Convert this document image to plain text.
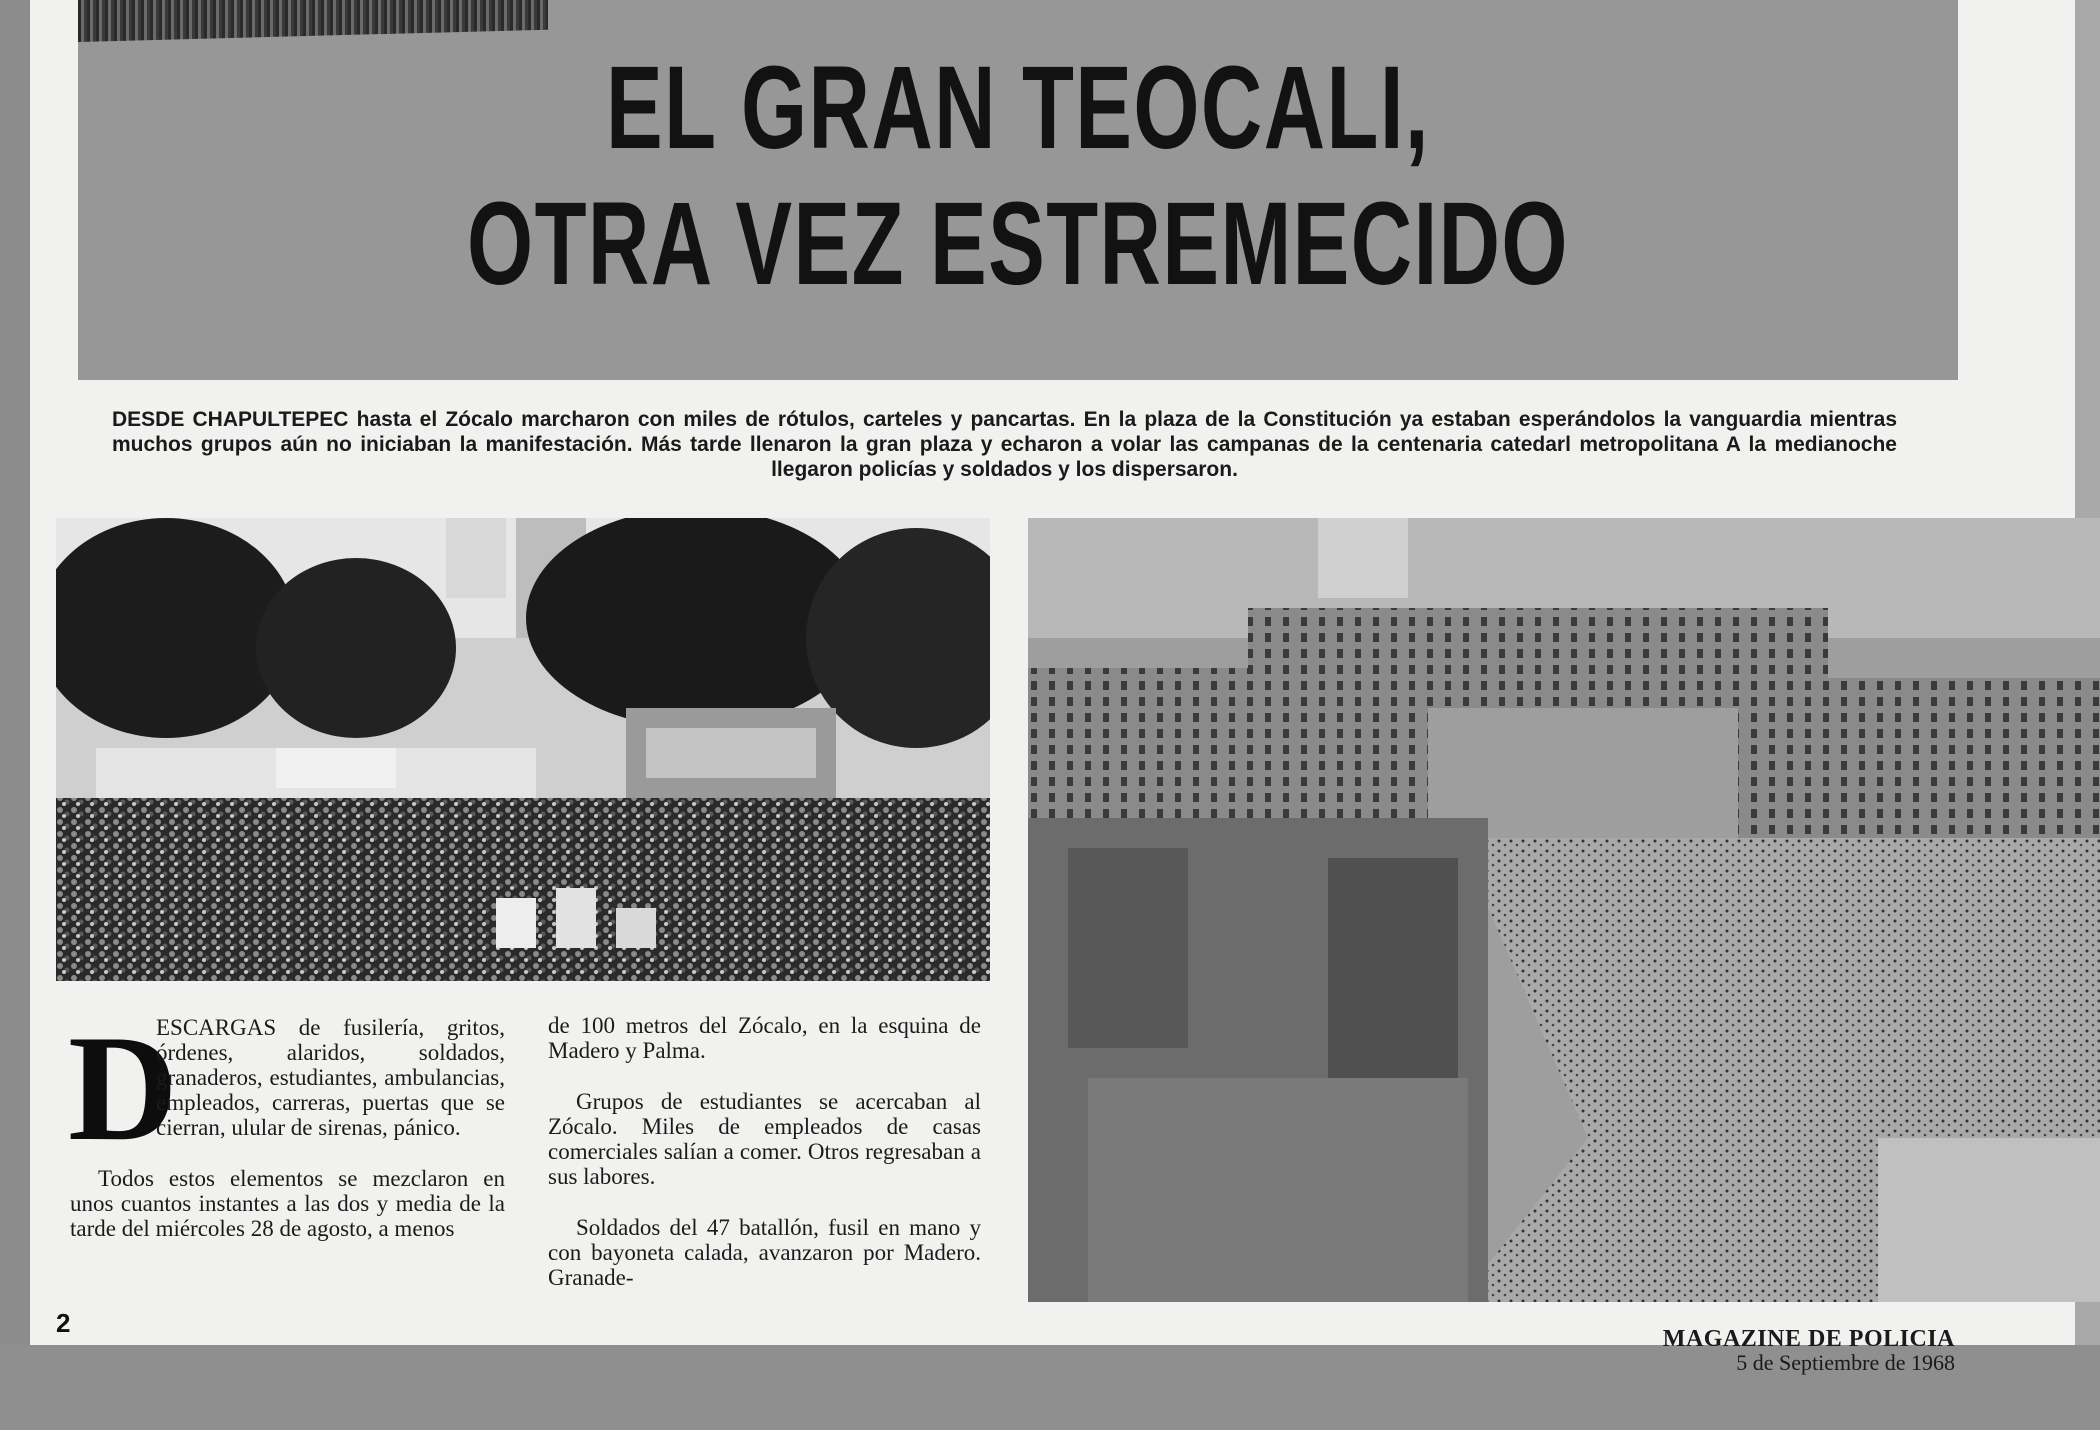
EL GRAN TEOCALI,
OTRA VEZ ESTREMECIDO
DESDE CHAPULTEPEC hasta el Zócalo marcharon con miles de rótulos, carteles y pancartas. En la plaza de la Constitución ya estaban esperándolos la vanguardia mientras muchos grupos aún no iniciaban la manifestación. Más tarde llenaron la gran plaza y echaron a volar las campanas de la centenaria catedarl metropolitana A la medianoche llegaron policías y soldados y los dispersaron.

D
ESCARGAS de fusilería, gritos, órdenes, alaridos, soldados, granaderos, estudiantes, ambulancias, empleados, carreras, puertas que se cierran, ulular de sirenas, pánico.

Todos estos elementos se mezclaron en unos cuantos instantes a las dos y media de la tarde del miércoles 28 de agosto, a menos

de 100 metros del Zócalo, en la esquina de Madero y Palma.

Grupos de estudiantes se acercaban al Zócalo. Miles de empleados de casas comerciales salían a comer. Otros regresaban a sus labores.

Soldados del 47 batallón, fusil en mano y con bayoneta calada, avanzaron por Madero. Granade-

2
MAGAZINE DE POLICIA
5 de Septiembre de 1968
